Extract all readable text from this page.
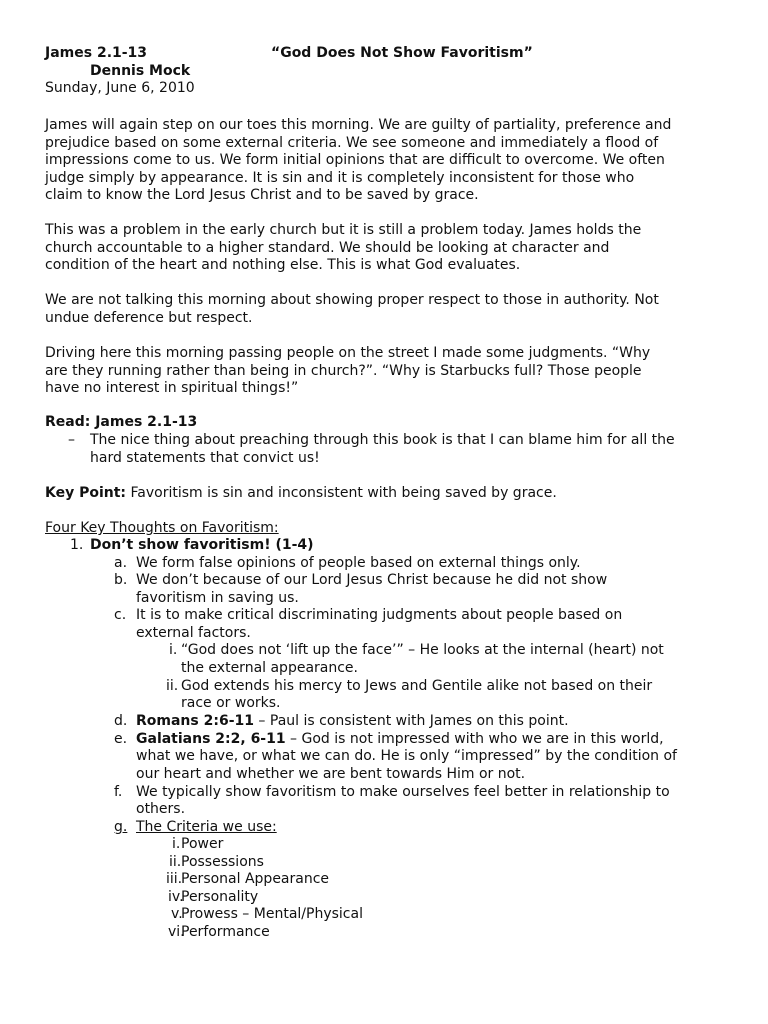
James 2.1-13	“God Does Not Show Favoritism”
Dennis Mock
Sunday, June 6, 2010
James will again step on our toes this morning. We are guilty of partiality, preference and
prejudice based on some external criteria. We see someone and immediately a flood of
impressions come to us. We form initial opinions that are difficult to overcome. We often
judge simply by appearance. It is sin and it is completely inconsistent for those who
claim to know the Lord Jesus Christ and to be saved by grace.
This was a problem in the early church but it is still a problem today. James holds the
church accountable to a higher standard. We should be looking at character and
condition of the heart and nothing else. This is what God evaluates.
We are not talking this morning about showing proper respect to those in authority. Not
undue deference but respect.
Driving here this morning passing people on the street I made some judgments. “Why
are they running rather than being in church?”. “Why is Starbucks full? Those people
have no interest in spiritual things!”
Read: James 2.1-13
– The nice thing about preaching through this book is that I can blame him for all the
hard statements that convict us!
Key Point: Favoritism is sin and inconsistent with being saved by grace.
Four Key Thoughts on Favoritism:
1. Don’t show favoritism! (1-4)
a. We form false opinions of people based on external things only.
b. We don’t because of our Lord Jesus Christ because he did not show
favoritism in saving us.
c. It is to make critical discriminating judgments about people based on
external factors.
i. “God does not ‘lift up the face’” – He looks at the internal (heart) not
the external appearance.
ii. God extends his mercy to Jews and Gentile alike not based on their
race or works.
d. Romans 2:6-11 – Paul is consistent with James on this point.
e. Galatians 2:2, 6-11 – God is not impressed with who we are in this world,
what we have, or what we can do. He is only “impressed” by the condition of
our heart and whether we are bent towards Him or not.
f. We typically show favoritism to make ourselves feel better in relationship to
others.
g. The Criteria we use:
i. Power
ii. Possessions
iii.
Personal Appearance
iv.
Personality
v.
Prowess – Mental/Physical
vi.
Performance
